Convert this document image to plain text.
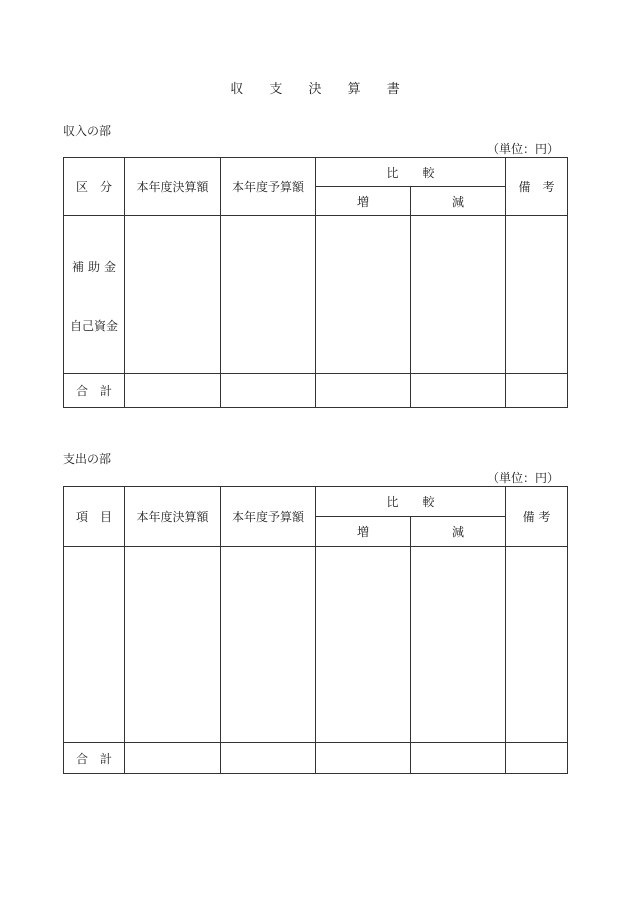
収 支 決 算 書
収入の部
（単位：円）
区　分	本年度決算額	本年度予算額	比　　較		備　考
			増	減	

補助金
自己資金					

合　計					
支出の部
（単位：円）
項　目	本年度決算額	本年度予算額	比　　較		備 考
			増	減	

合　計					
